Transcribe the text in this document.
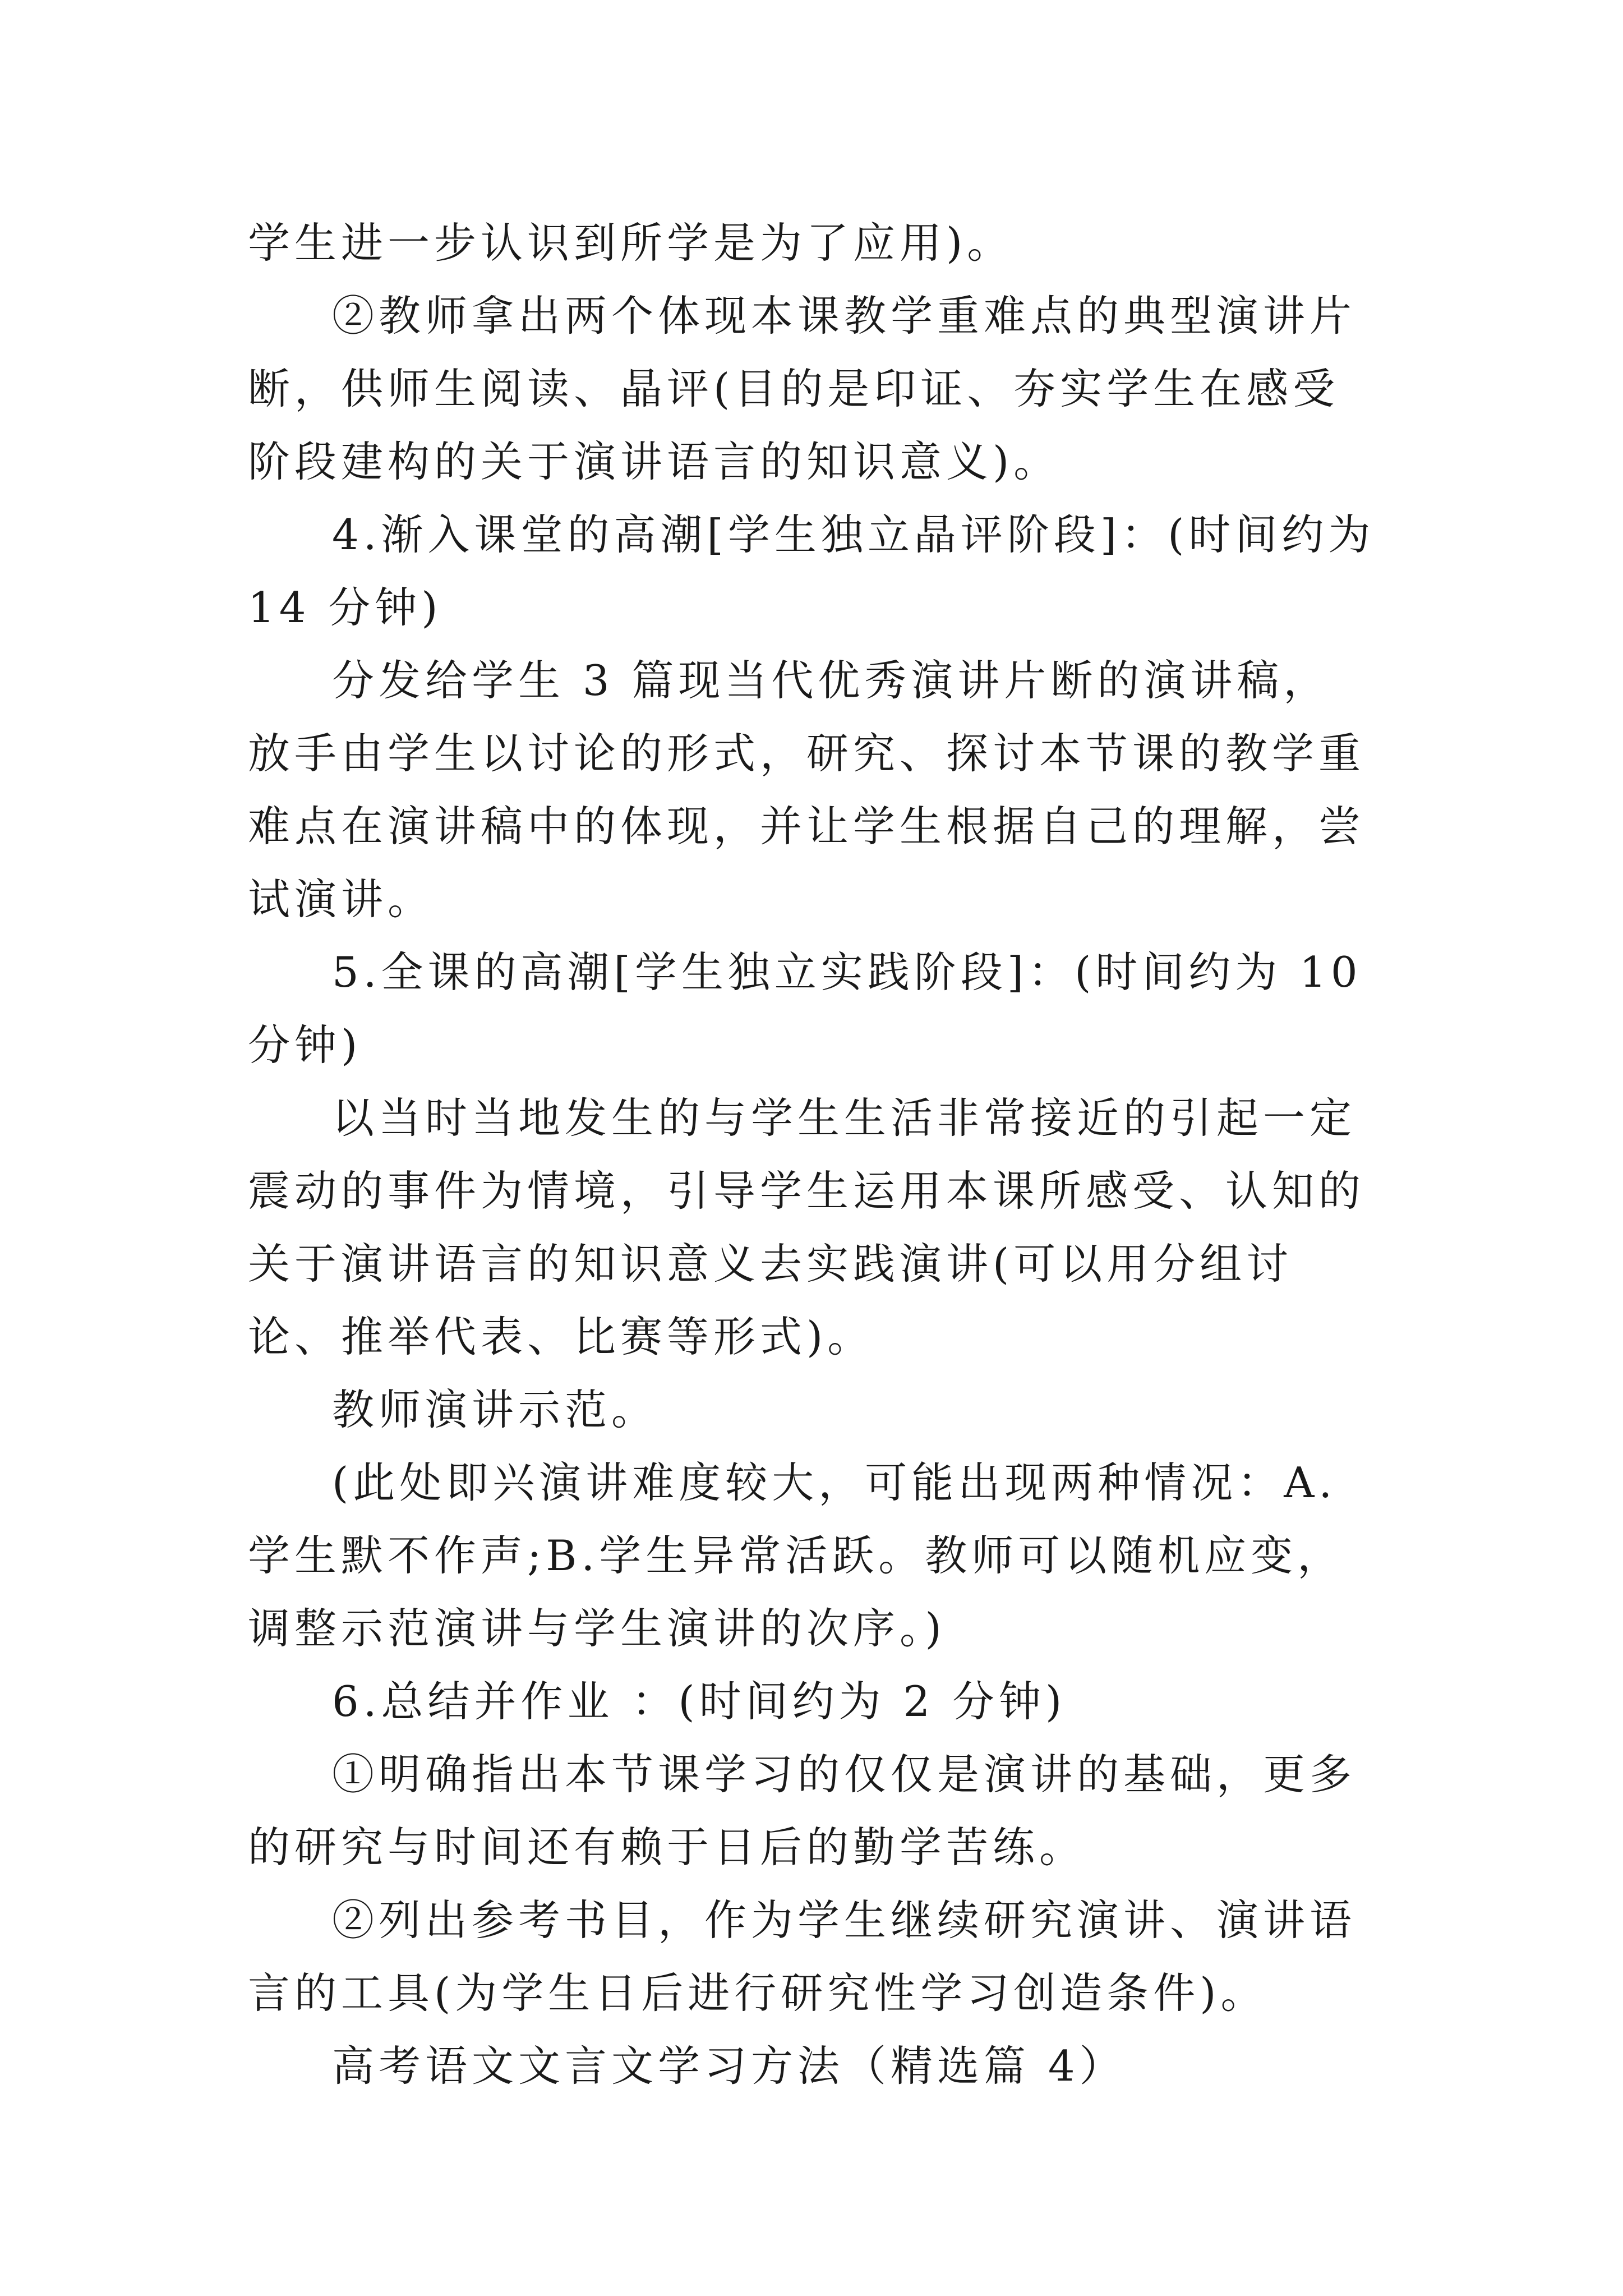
学生进一步认识到所学是为了应用)。

②教师拿出两个体现本课教学重难点的典型演讲片断，供师生阅读、晶评(目的是印证、夯实学生在感受阶段建构的关于演讲语言的知识意义)。

4.渐入课堂的高潮[学生独立晶评阶段]：(时间约为 14 分钟)

分发给学生 3 篇现当代优秀演讲片断的演讲稿，放手由学生以讨论的形式，研究、探讨本节课的教学重难点在演讲稿中的体现，并让学生根据自己的理解，尝试演讲。

5.全课的高潮[学生独立实践阶段]：(时间约为 10 分钟)

以当时当地发生的与学生生活非常接近的引起一定震动的事件为情境，引导学生运用本课所感受、认知的关于演讲语言的知识意义去实践演讲(可以用分组讨论、推举代表、比赛等形式)。

教师演讲示范。

(此处即兴演讲难度较大，可能出现两种情况：A.学生默不作声;B.学生异常活跃。教师可以随机应变，调整示范演讲与学生演讲的次序。)

6.总结并作业 ：(时间约为 2 分钟)

①明确指出本节课学习的仅仅是演讲的基础，更多的研究与时间还有赖于日后的勤学苦练。

②列出参考书目，作为学生继续研究演讲、演讲语言的工具(为学生日后进行研究性学习创造条件)。

高考语文文言文学习方法（精选篇 4）
